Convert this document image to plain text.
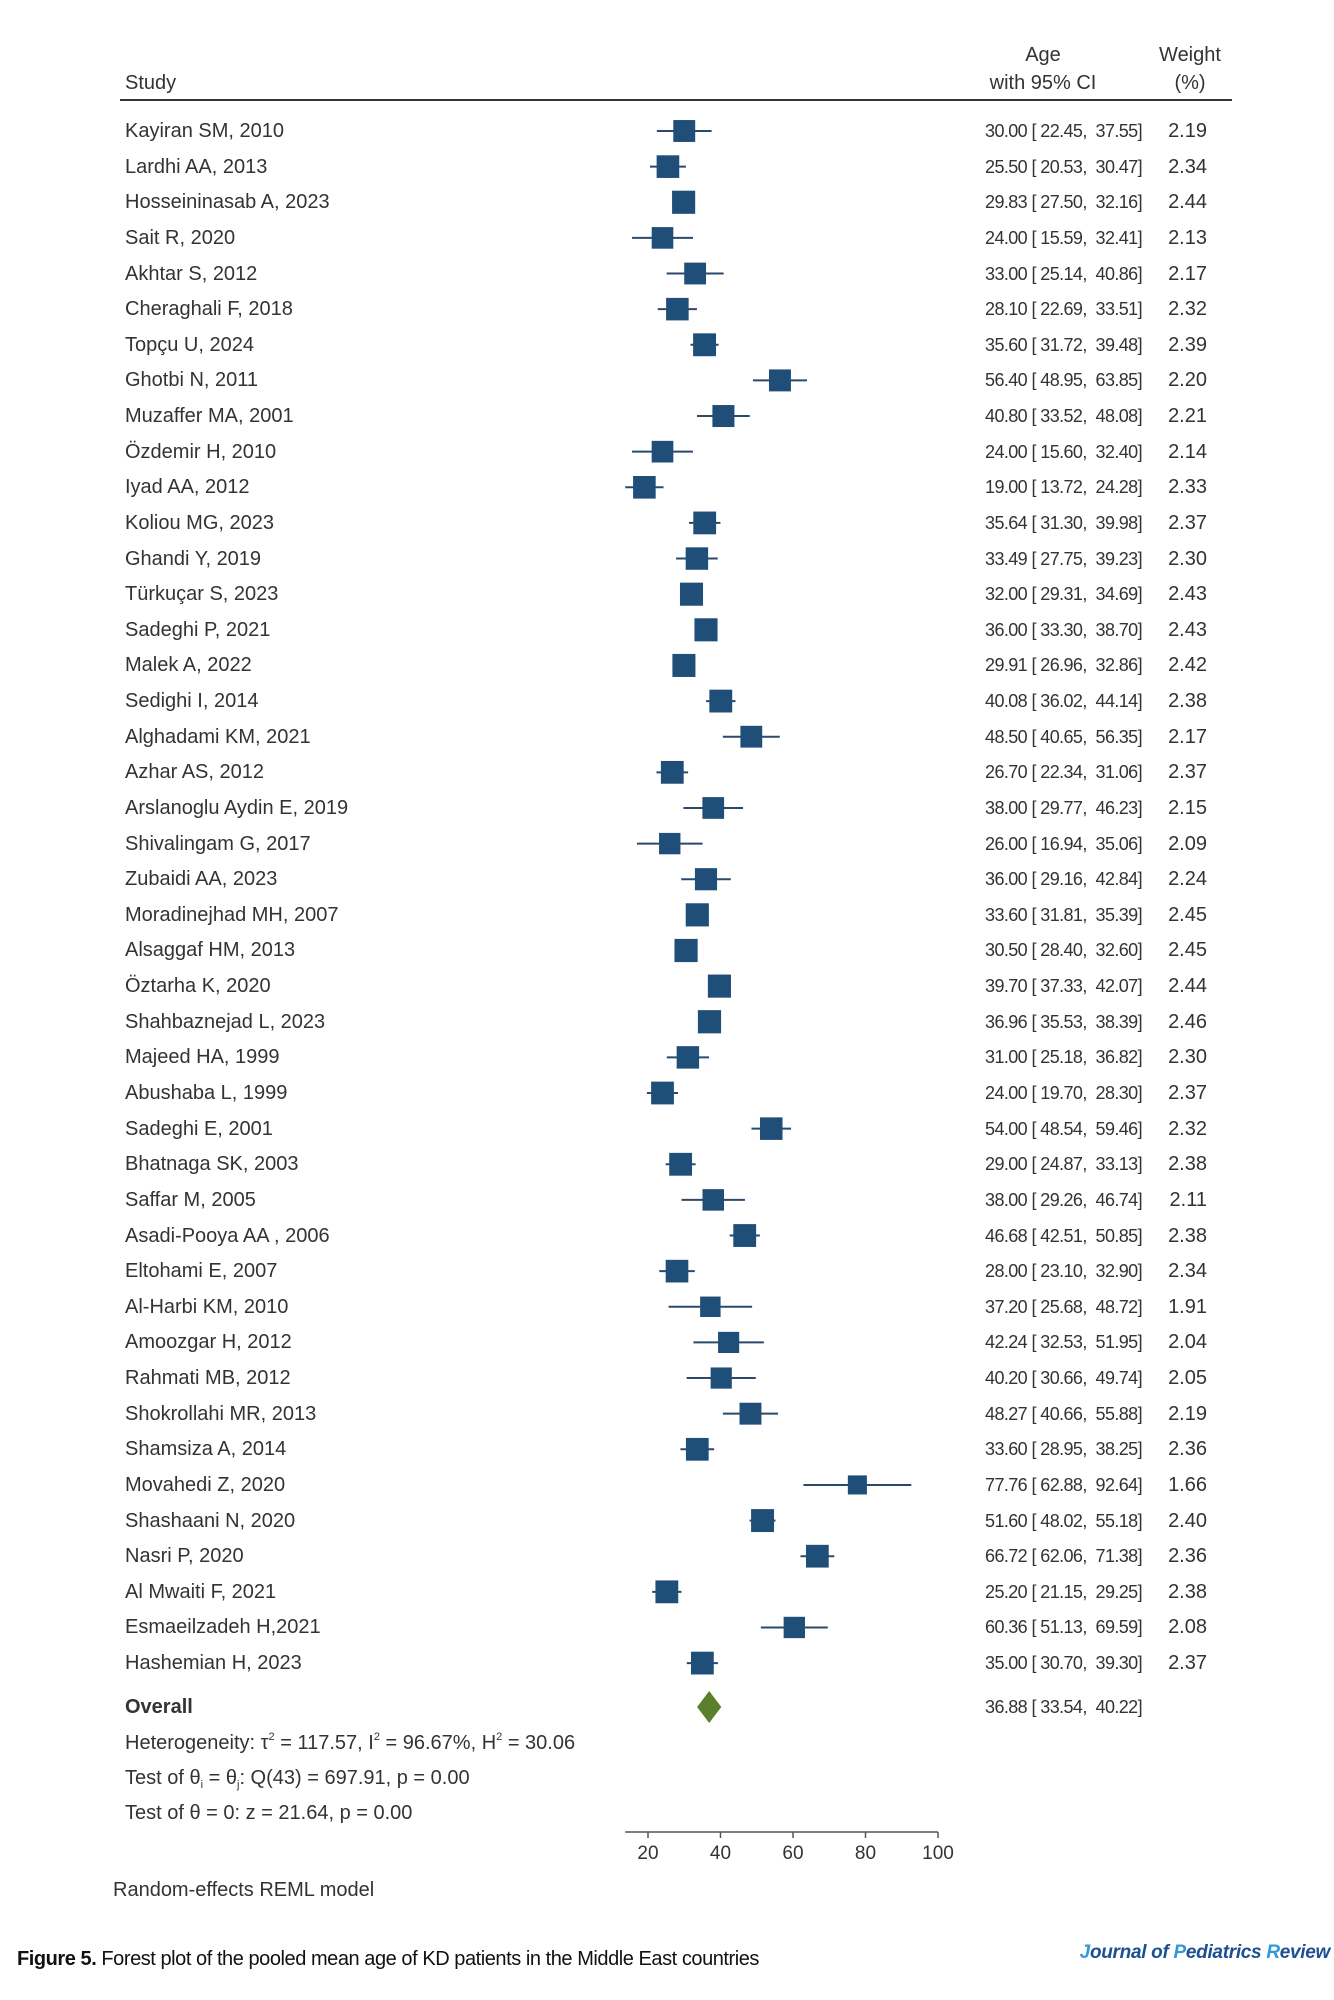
20	40	60	80 100
Study
Age
with 95% CI
Weight
(%)
Kayiran SM, 2010	30.00 [ 22.45,  37.55]	2.19
Lardhi AA, 2013	25.50 [ 20.53,  30.47]	2.34
Hosseininasab A, 2023	29.83 [ 27.50,  32.16]	2.44
Sait R, 2020	24.00 [ 15.59,  32.41]	2.13
Akhtar S, 2012	33.00 [ 25.14,  40.86]	2.17
Cheraghali F, 2018	28.10 [ 22.69,  33.51]	2.32
Topçu U, 2024	35.60 [ 31.72,  39.48]	2.39
Ghotbi N, 2011	56.40 [ 48.95,  63.85]	2.20
Muzaffer MA, 2001	40.80 [ 33.52,  48.08]	2.21
Özdemir H, 2010	24.00 [ 15.60,  32.40]	2.14
Iyad AA, 2012	19.00 [ 13.72,  24.28]	2.33
Koliou MG, 2023	35.64 [ 31.30,  39.98]	2.37
Ghandi Y, 2019	33.49 [ 27.75,  39.23]	2.30
Türkuçar S, 2023	32.00 [ 29.31,  34.69]	2.43
Sadeghi P, 2021	36.00 [ 33.30,  38.70]	2.43
Malek A, 2022	29.91 [ 26.96,  32.86]	2.42
Sedighi I, 2014	40.08 [ 36.02,  44.14]	2.38
Alghadami KM, 2021	48.50 [ 40.65,  56.35]	2.17
Azhar AS, 2012	26.70 [ 22.34,  31.06]	2.37
Arslanoglu Aydin E, 2019	38.00 [ 29.77,  46.23]	2.15
Shivalingam G, 2017	26.00 [ 16.94,  35.06]	2.09
Zubaidi AA, 2023	36.00 [ 29.16,  42.84]	2.24
Moradinejhad MH, 2007	33.60 [ 31.81,  35.39]	2.45
Alsaggaf HM, 2013	30.50 [ 28.40,  32.60]	2.45
Öztarha K, 2020	39.70 [ 37.33,  42.07]	2.44
Shahbaznejad L, 2023	36.96 [ 35.53,  38.39]	2.46
Majeed HA, 1999	31.00 [ 25.18,  36.82]	2.30
Abushaba L, 1999	24.00 [ 19.70,  28.30]	2.37
Sadeghi E, 2001	54.00 [ 48.54,  59.46]	2.32
Bhatnaga SK, 2003	29.00 [ 24.87,  33.13]	2.38
Saffar M, 2005	38.00 [ 29.26,  46.74]	2.11
Asadi-Pooya AA , 2006	46.68 [ 42.51,  50.85]	2.38
Eltohami E, 2007	28.00 [ 23.10,  32.90]	2.34
Al-Harbi KM, 2010	37.20 [ 25.68,  48.72]	1.91
Amoozgar H, 2012	42.24 [ 32.53,  51.95]	2.04
Rahmati MB, 2012	40.20 [ 30.66,  49.74]	2.05
Shokrollahi MR, 2013	48.27 [ 40.66,  55.88]	2.19
Shamsiza A, 2014	33.60 [ 28.95,  38.25]	2.36
Movahedi Z, 2020	77.76 [ 62.88,  92.64]	1.66
Shashaani N, 2020	51.60 [ 48.02,  55.18]	2.40
Nasri P, 2020	66.72 [ 62.06,  71.38]	2.36
Al Mwaiti F, 2021	25.20 [ 21.15,  29.25]	2.38
Esmaeilzadeh H,2021	60.36 [ 51.13,  69.59]	2.08
Hashemian H, 2023	35.00 [ 30.70,  39.30]	2.37
Overall	36.88 [ 33.54,  40.22]
Heterogeneity: $\tau^2 = 117.57$, $I^2 = 96.67\%$, $H^2 = 30.06$
Test of $\theta_i = \theta_j$: Q(43) = 697.91, p = 0.00
Test of θ = 0: z = 21.64, p = 0.00
Random-effects REML model
Figure 5. Forest plot of the pooled mean age of KD patients in the Middle East countries	Journal of Pediatrics Review
